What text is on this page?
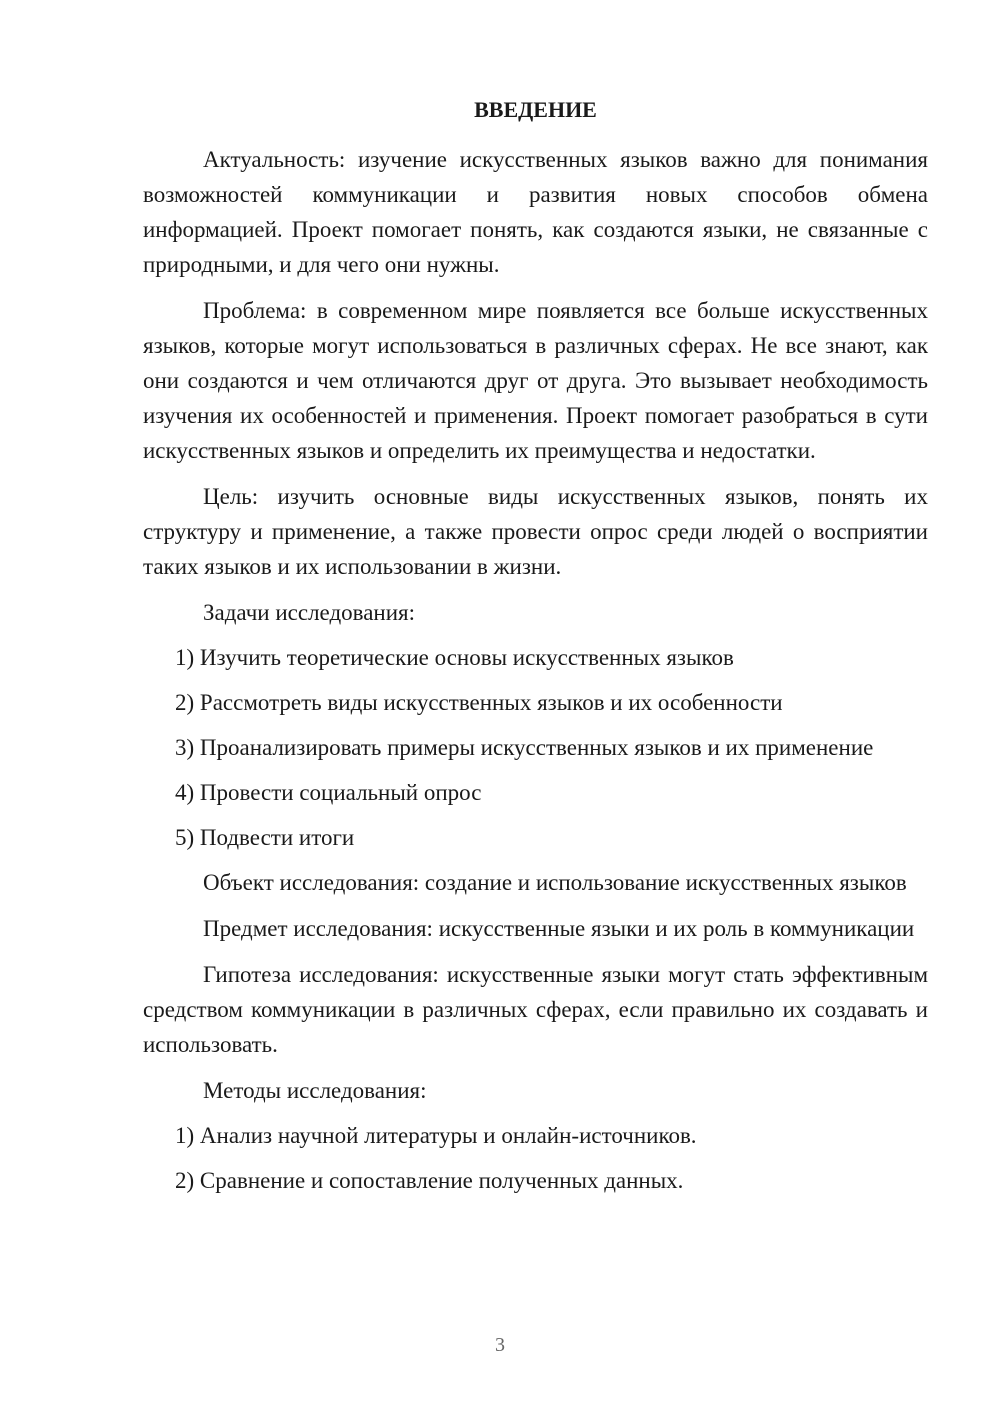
ВВЕДЕНИЕ

Актуальность: изучение искусственных языков важно для понимания возможностей коммуникации и развития новых способов обмена информацией. Проект помогает понять, как создаются языки, не связанные с природными, и для чего они нужны.

Проблема: в современном мире появляется все больше искусственных языков, которые могут использоваться в различных сферах. Не все знают, как они создаются и чем отличаются друг от друга. Это вызывает необходимость изучения их особенностей и применения. Проект помогает разобраться в сути искусственных языков и определить их преимущества и недостатки.

Цель: изучить основные виды искусственных языков, понять их структуру и применение, а также провести опрос среди людей о восприятии таких языков и их использовании в жизни.

Задачи исследования:

1) Изучить теоретические основы искусственных языков

2) Рассмотреть виды искусственных языков и их особенности

3) Проанализировать примеры искусственных языков и их применение

4) Провести социальный опрос

5) Подвести итоги

Объект исследования: создание и использование искусственных языков

Предмет исследования: искусственные языки и их роль в коммуникации

Гипотеза исследования: искусственные языки могут стать эффективным средством коммуникации в различных сферах, если правильно их создавать и использовать.

Методы исследования:

1) Анализ научной литературы и онлайн-источников.

2) Сравнение и сопоставление полученных данных.

3
